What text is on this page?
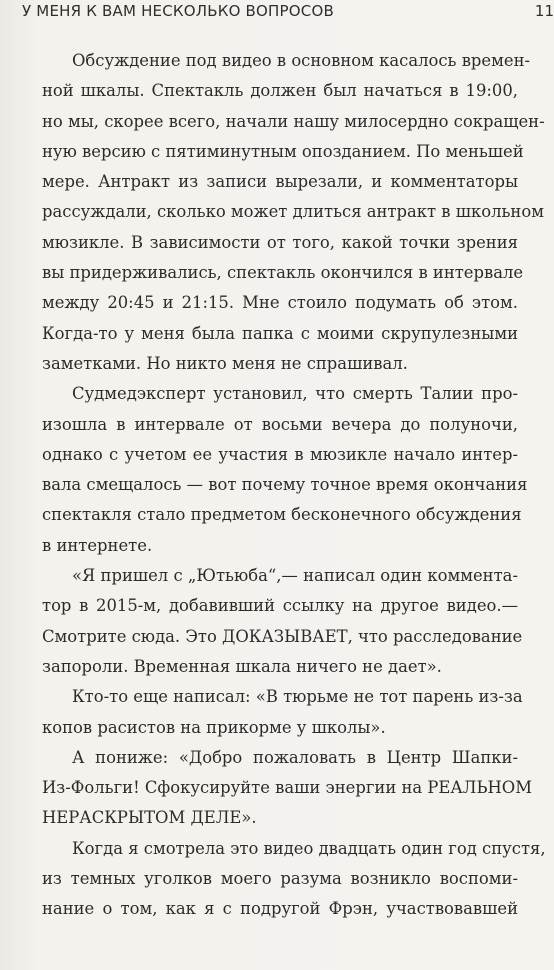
У МЕНЯ К ВАМ НЕСКОЛЬКО ВОПРОСОВ	11
Обсуждение под видео в основном касалось времен-
ной шкалы. Спектакль должен был начаться в 19:00,
но мы, скорее всего, начали нашу милосердно сокращен-
ную версию с пятиминутным опозданием. По меньшей
мере. Антракт из записи вырезали, и комментаторы
рассуждали, сколько может длиться антракт в школьном
мюзикле. В зависимости от того, какой точки зрения
вы придерживались, спектакль окончился в интервале
между 20:45 и 21:15. Мне стоило подумать об этом.
Когда-то у меня была папка с моими скрупулезными
заметками. Но никто меня не спрашивал.
Судмедэксперт установил, что смерть Талии про-
изошла в интервале от восьми вечера до полуночи,
однако с учетом ее участия в мюзикле начало интер-
вала смещалось — вот почему точное время окончания
спектакля стало предметом бесконечного обсуждения
в интернете.
«Я пришел с „Ютьюба“,— написал один коммента-
тор в 2015-м, добавивший ссылку на другое видео.—
Смотрите сюда. Это ДОКАЗЫВАЕТ, что расследование
запороли. Временная шкала ничего не дает».
Кто-то еще написал: «В тюрьме не тот парень из-за
копов расистов на прикорме у школы».
А пониже: «Добро пожаловать в Центр Шапки-
Из-Фольги! Сфокусируйте ваши энергии на РЕАЛЬНОМ
НЕРАСКРЫТОМ ДЕЛЕ».
Когда я смотрела это видео двадцать один год спустя,
из темных уголков моего разума возникло воспоми-
нание о том, как я с подругой Фрэн, участвовавшей
